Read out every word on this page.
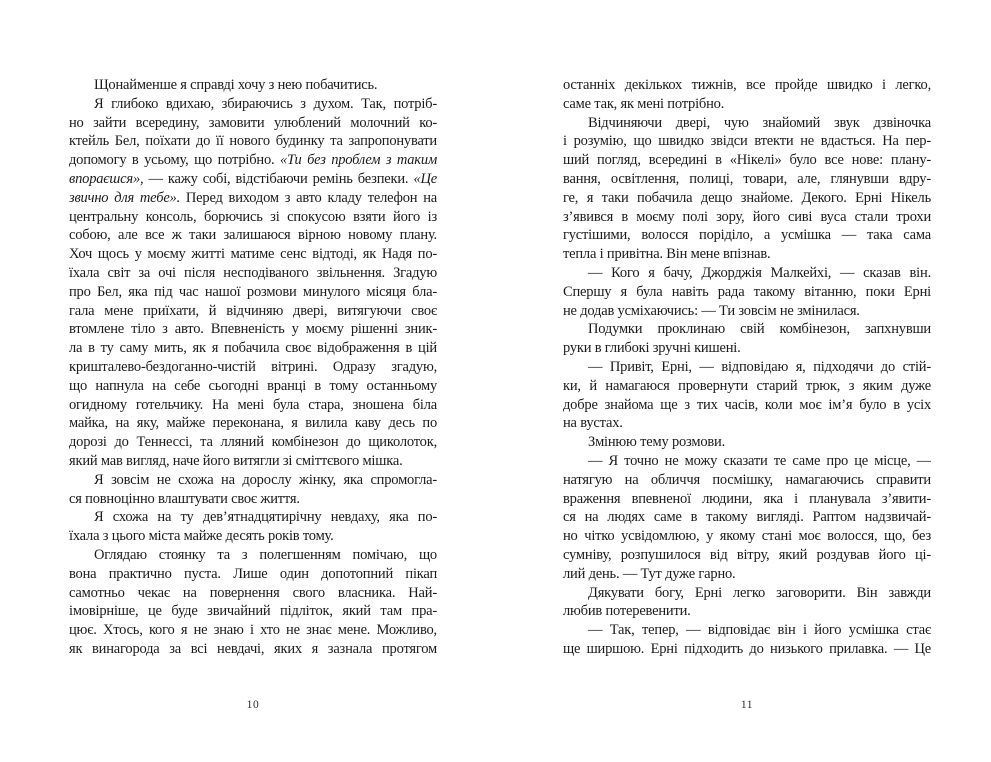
Щонайменше я справді хочу з нею побачитись.
Я глибоко вдихаю, збираючись з духом. Так, потріб-
но зайти всередину, замовити улюблений молочний ко-
ктейль Бел, поїхати до її нового будинку та запропонувати
допомогу в усьому, що потрібно. «Ти без проблем з таким
впораєшся», — кажу собі, відстібаючи ремінь безпеки. «Це
звично для тебе». Перед виходом з авто кладу телефон на
центральну консоль, борючись зі спокусою взяти його із
собою, але все ж таки залишаюся вірною новому плану.
Хоч щось у моєму житті матиме сенс відтоді, як Надя по-
їхала світ за очі після несподіваного звільнення. Згадую
про Бел, яка під час нашої розмови минулого місяця бла-
гала мене приїхати, й відчиняю двері, витягуючи своє
втомлене тіло з авто. Впевненість у моєму рішенні зник-
ла в ту саму мить, як я побачила своє відображення в цій
кришталево-бездоганно-чистій вітрині. Одразу згадую,
що напнула на себе сьогодні вранці в тому останньому
огидному готельчику. На мені була стара, зношена біла
майка, на яку, майже переконана, я вилила каву десь по
дорозі до Теннессі, та лляний комбінезон до щиколоток,
який мав вигляд, наче його витягли зі сміттєвого мішка.
Я зовсім не схожа на дорослу жінку, яка спромогла-
ся повноцінно влаштувати своє життя.
Я схожа на ту дев’ятнадцятирічну невдаху, яка по-
їхала з цього міста майже десять років тому.
Оглядаю стоянку та з полегшенням помічаю, що
вона практично пуста. Лише один допотопний пікап
самотньо чекає на повернення свого власника. Най-
імовірніше, це буде звичайний підліток, який там пра-
цює. Хтось, кого я не знаю і хто не знає мене. Можливо,
як винагорода за всі невдачі, яких я зазнала протягом
останніх декількох тижнів, все пройде швидко і легко,
саме так, як мені потрібно.
Відчиняючи двері, чую знайомий звук дзвіночка
і розумію, що швидко звідси втекти не вдасться. На пер-
ший погляд, всередині в «Нікелі» було все нове: плану-
вання, освітлення, полиці, товари, але, глянувши вдру-
ге, я таки побачила дещо знайоме. Декого. Ерні Нікель
з’явився в моєму полі зору, його сиві вуса стали трохи
густішими, волосся поріділо, а усмішка — така сама
тепла і привітна. Він мене впізнав.
— Кого я бачу, Джорджія Малкейхі, — сказав він.
Спершу я була навіть рада такому вітанню, поки Ерні
не додав усміхаючись: — Ти зовсім не змінилася.
Подумки проклинаю свій комбінезон, запхнувши
руки в глибокі зручні кишені.
— Привіт, Ерні, — відповідаю я, підходячи до стій-
ки, й намагаюся провернути старий трюк, з яким дуже
добре знайома ще з тих часів, коли моє ім’я було в усіх
на вустах.
Змінюю тему розмови.
— Я точно не можу сказати те саме про це місце, —
натягую на обличчя посмішку, намагаючись справити
враження впевненої людини, яка і планувала з’явити-
ся на людях саме в такому вигляді. Раптом надзвичай-
но чітко усвідомлюю, у якому стані моє волосся, що, без
сумніву, розпушилося від вітру, який роздував його ці-
лий день. — Тут дуже гарно.
Дякувати богу, Ерні легко заговорити. Він завжди
любив потеревенити.
— Так, тепер, — відповідає він і його усмішка стає
ще ширшою. Ерні підходить до низького прилавка. — Це
10	11
